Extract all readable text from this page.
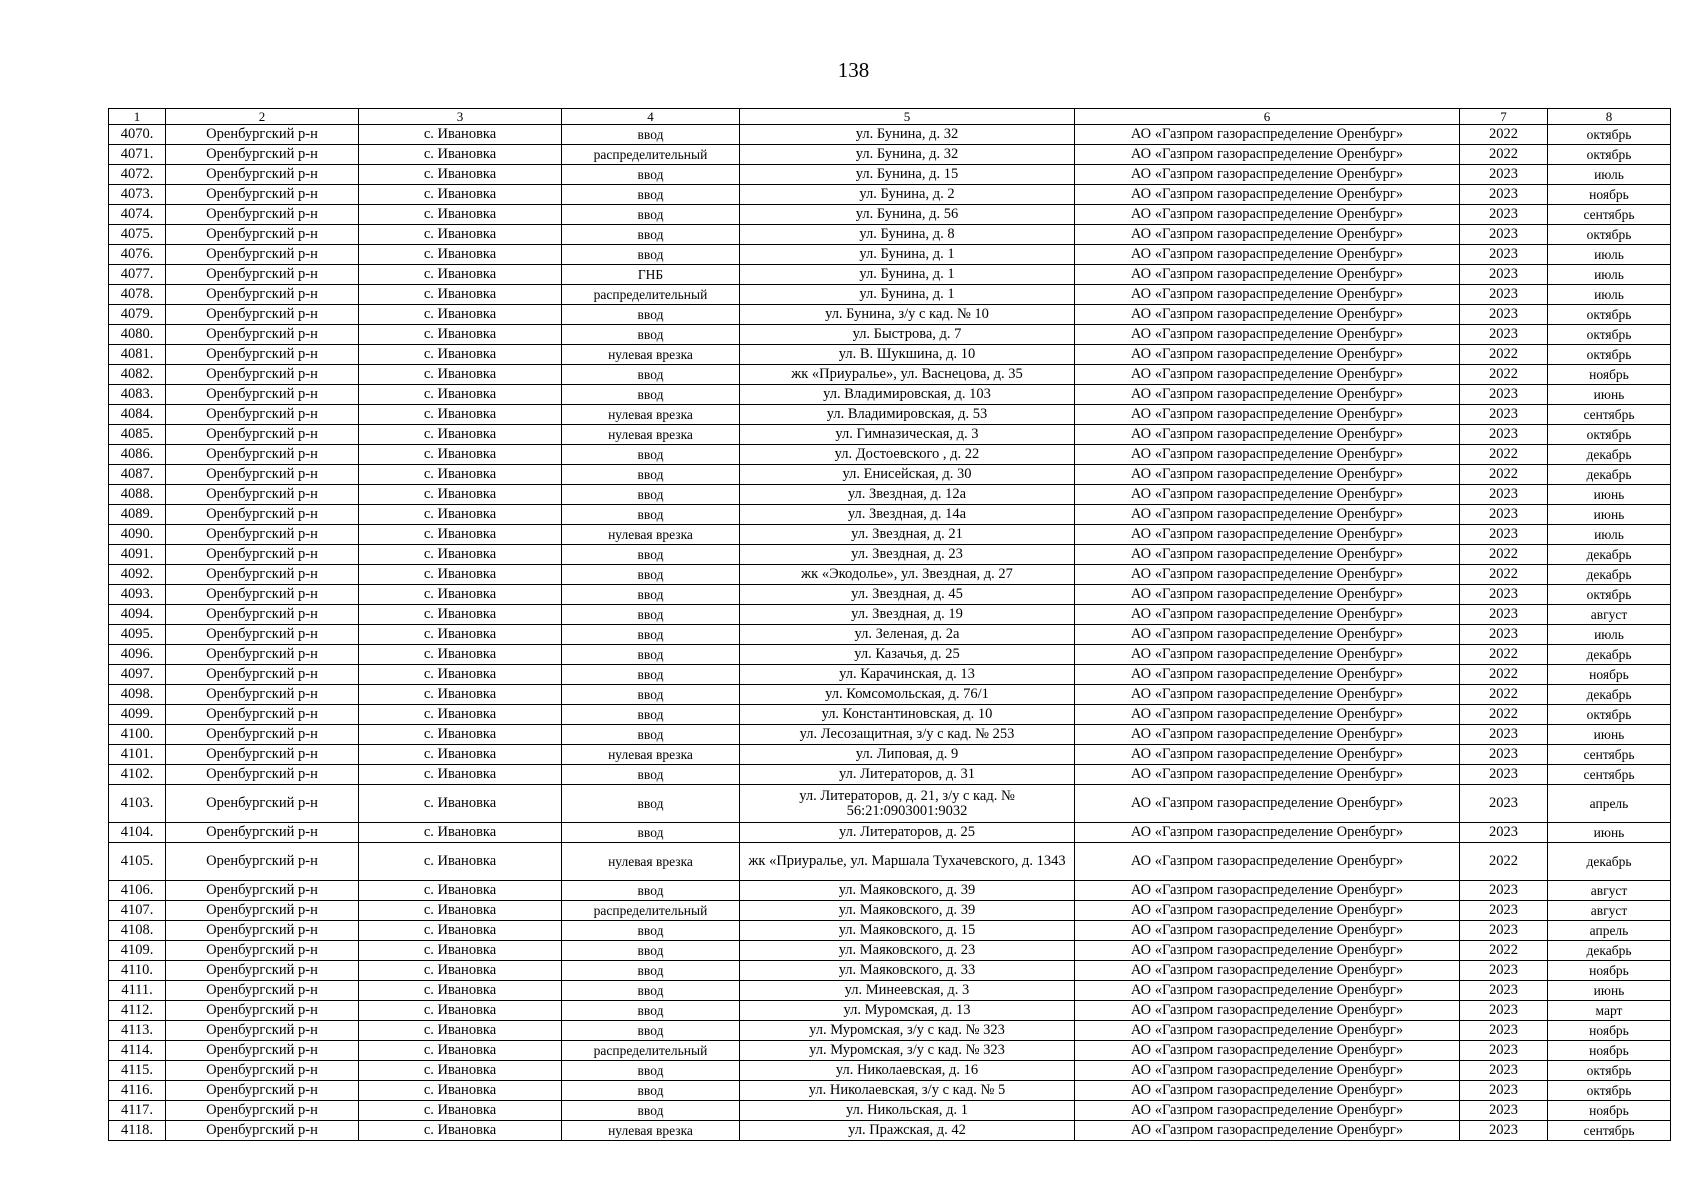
138
1	2	3	4	5	6	7	8
4070.	Оренбургский р-н	с. Ивановка	ввод	ул. Бунина, д. 32	АО «Газпром газораспределение Оренбург»	2022	октябрь
4071.	Оренбургский р-н	с. Ивановка	распределительный	ул. Бунина, д. 32	АО «Газпром газораспределение Оренбург»	2022	октябрь
4072.	Оренбургский р-н	с. Ивановка	ввод	ул. Бунина, д. 15	АО «Газпром газораспределение Оренбург»	2023	июль
4073.	Оренбургский р-н	с. Ивановка	ввод	ул. Бунина, д. 2	АО «Газпром газораспределение Оренбург»	2023	ноябрь
4074.	Оренбургский р-н	с. Ивановка	ввод	ул. Бунина, д. 56	АО «Газпром газораспределение Оренбург»	2023	сентябрь
4075.	Оренбургский р-н	с. Ивановка	ввод	ул. Бунина, д. 8	АО «Газпром газораспределение Оренбург»	2023	октябрь
4076.	Оренбургский р-н	с. Ивановка	ввод	ул. Бунина, д. 1	АО «Газпром газораспределение Оренбург»	2023	июль
4077.	Оренбургский р-н	с. Ивановка	ГНБ	ул. Бунина, д. 1	АО «Газпром газораспределение Оренбург»	2023	июль
4078.	Оренбургский р-н	с. Ивановка	распределительный	ул. Бунина, д. 1	АО «Газпром газораспределение Оренбург»	2023	июль
4079.	Оренбургский р-н	с. Ивановка	ввод	ул. Бунина, з/у с кад. № 10	АО «Газпром газораспределение Оренбург»	2023	октябрь
4080.	Оренбургский р-н	с. Ивановка	ввод	ул. Быстрова, д. 7	АО «Газпром газораспределение Оренбург»	2023	октябрь
4081.	Оренбургский р-н	с. Ивановка	нулевая врезка	ул. В. Шукшина, д. 10	АО «Газпром газораспределение Оренбург»	2022	октябрь
4082.	Оренбургский р-н	с. Ивановка	ввод	жк «Приуралье», ул. Васнецова, д. 35	АО «Газпром газораспределение Оренбург»	2022	ноябрь
4083.	Оренбургский р-н	с. Ивановка	ввод	ул. Владимировская, д. 103	АО «Газпром газораспределение Оренбург»	2023	июнь
4084.	Оренбургский р-н	с. Ивановка	нулевая врезка	ул. Владимировская, д. 53	АО «Газпром газораспределение Оренбург»	2023	сентябрь
4085.	Оренбургский р-н	с. Ивановка	нулевая врезка	ул. Гимназическая, д. 3	АО «Газпром газораспределение Оренбург»	2023	октябрь
4086.	Оренбургский р-н	с. Ивановка	ввод	ул. Достоевского , д. 22	АО «Газпром газораспределение Оренбург»	2022	декабрь
4087.	Оренбургский р-н	с. Ивановка	ввод	ул. Енисейская, д. 30	АО «Газпром газораспределение Оренбург»	2022	декабрь
4088.	Оренбургский р-н	с. Ивановка	ввод	ул. Звездная, д. 12а	АО «Газпром газораспределение Оренбург»	2023	июнь
4089.	Оренбургский р-н	с. Ивановка	ввод	ул. Звездная, д. 14а	АО «Газпром газораспределение Оренбург»	2023	июнь
4090.	Оренбургский р-н	с. Ивановка	нулевая врезка	ул. Звездная, д. 21	АО «Газпром газораспределение Оренбург»	2023	июль
4091.	Оренбургский р-н	с. Ивановка	ввод	ул. Звездная, д. 23	АО «Газпром газораспределение Оренбург»	2022	декабрь
4092.	Оренбургский р-н	с. Ивановка	ввод	жк «Экодолье», ул. Звездная, д. 27	АО «Газпром газораспределение Оренбург»	2022	декабрь
4093.	Оренбургский р-н	с. Ивановка	ввод	ул. Звездная, д. 45	АО «Газпром газораспределение Оренбург»	2023	октябрь
4094.	Оренбургский р-н	с. Ивановка	ввод	ул. Звездная, д. 19	АО «Газпром газораспределение Оренбург»	2023	август
4095.	Оренбургский р-н	с. Ивановка	ввод	ул. Зеленая, д. 2а	АО «Газпром газораспределение Оренбург»	2023	июль
4096.	Оренбургский р-н	с. Ивановка	ввод	ул. Казачья, д. 25	АО «Газпром газораспределение Оренбург»	2022	декабрь
4097.	Оренбургский р-н	с. Ивановка	ввод	ул. Карачинская, д. 13	АО «Газпром газораспределение Оренбург»	2022	ноябрь
4098.	Оренбургский р-н	с. Ивановка	ввод	ул. Комсомольская, д. 76/1	АО «Газпром газораспределение Оренбург»	2022	декабрь
4099.	Оренбургский р-н	с. Ивановка	ввод	ул. Константиновская, д. 10	АО «Газпром газораспределение Оренбург»	2022	октябрь
4100.	Оренбургский р-н	с. Ивановка	ввод	ул. Лесозащитная, з/у с кад. № 253	АО «Газпром газораспределение Оренбург»	2023	июнь
4101.	Оренбургский р-н	с. Ивановка	нулевая врезка	ул. Липовая, д. 9	АО «Газпром газораспределение Оренбург»	2023	сентябрь
4102.	Оренбургский р-н	с. Ивановка	ввод	ул. Литераторов, д. 31	АО «Газпром газораспределение Оренбург»	2023	сентябрь
4103.	Оренбургский р-н	с. Ивановка	ввод	ул. Литераторов, д. 21, з/у с кад. № 56:21:0903001:9032	АО «Газпром газораспределение Оренбург»	2023	апрель
4104.	Оренбургский р-н	с. Ивановка	ввод	ул. Литераторов, д. 25	АО «Газпром газораспределение Оренбург»	2023	июнь
4105.	Оренбургский р-н	с. Ивановка	нулевая врезка	жк «Приуралье, ул. Маршала Тухачевского, д. 1343	АО «Газпром газораспределение Оренбург»	2022	декабрь
4106.	Оренбургский р-н	с. Ивановка	ввод	ул. Маяковского, д. 39	АО «Газпром газораспределение Оренбург»	2023	август
4107.	Оренбургский р-н	с. Ивановка	распределительный	ул. Маяковского, д. 39	АО «Газпром газораспределение Оренбург»	2023	август
4108.	Оренбургский р-н	с. Ивановка	ввод	ул. Маяковского, д. 15	АО «Газпром газораспределение Оренбург»	2023	апрель
4109.	Оренбургский р-н	с. Ивановка	ввод	ул. Маяковского, д. 23	АО «Газпром газораспределение Оренбург»	2022	декабрь
4110.	Оренбургский р-н	с. Ивановка	ввод	ул. Маяковского, д. 33	АО «Газпром газораспределение Оренбург»	2023	ноябрь
4111.	Оренбургский р-н	с. Ивановка	ввод	ул. Минеевская, д. 3	АО «Газпром газораспределение Оренбург»	2023	июнь
4112.	Оренбургский р-н	с. Ивановка	ввод	ул. Муромская, д. 13	АО «Газпром газораспределение Оренбург»	2023	март
4113.	Оренбургский р-н	с. Ивановка	ввод	ул. Муромская, з/у с кад. № 323	АО «Газпром газораспределение Оренбург»	2023	ноябрь
4114.	Оренбургский р-н	с. Ивановка	распределительный	ул. Муромская, з/у с кад. № 323	АО «Газпром газораспределение Оренбург»	2023	ноябрь
4115.	Оренбургский р-н	с. Ивановка	ввод	ул. Николаевская, д. 16	АО «Газпром газораспределение Оренбург»	2023	октябрь
4116.	Оренбургский р-н	с. Ивановка	ввод	ул. Николаевская, з/у с кад. № 5	АО «Газпром газораспределение Оренбург»	2023	октябрь
4117.	Оренбургский р-н	с. Ивановка	ввод	ул. Никольская, д. 1	АО «Газпром газораспределение Оренбург»	2023	ноябрь
4118.	Оренбургский р-н	с. Ивановка	нулевая врезка	ул. Пражская, д. 42	АО «Газпром газораспределение Оренбург»	2023	сентябрь
